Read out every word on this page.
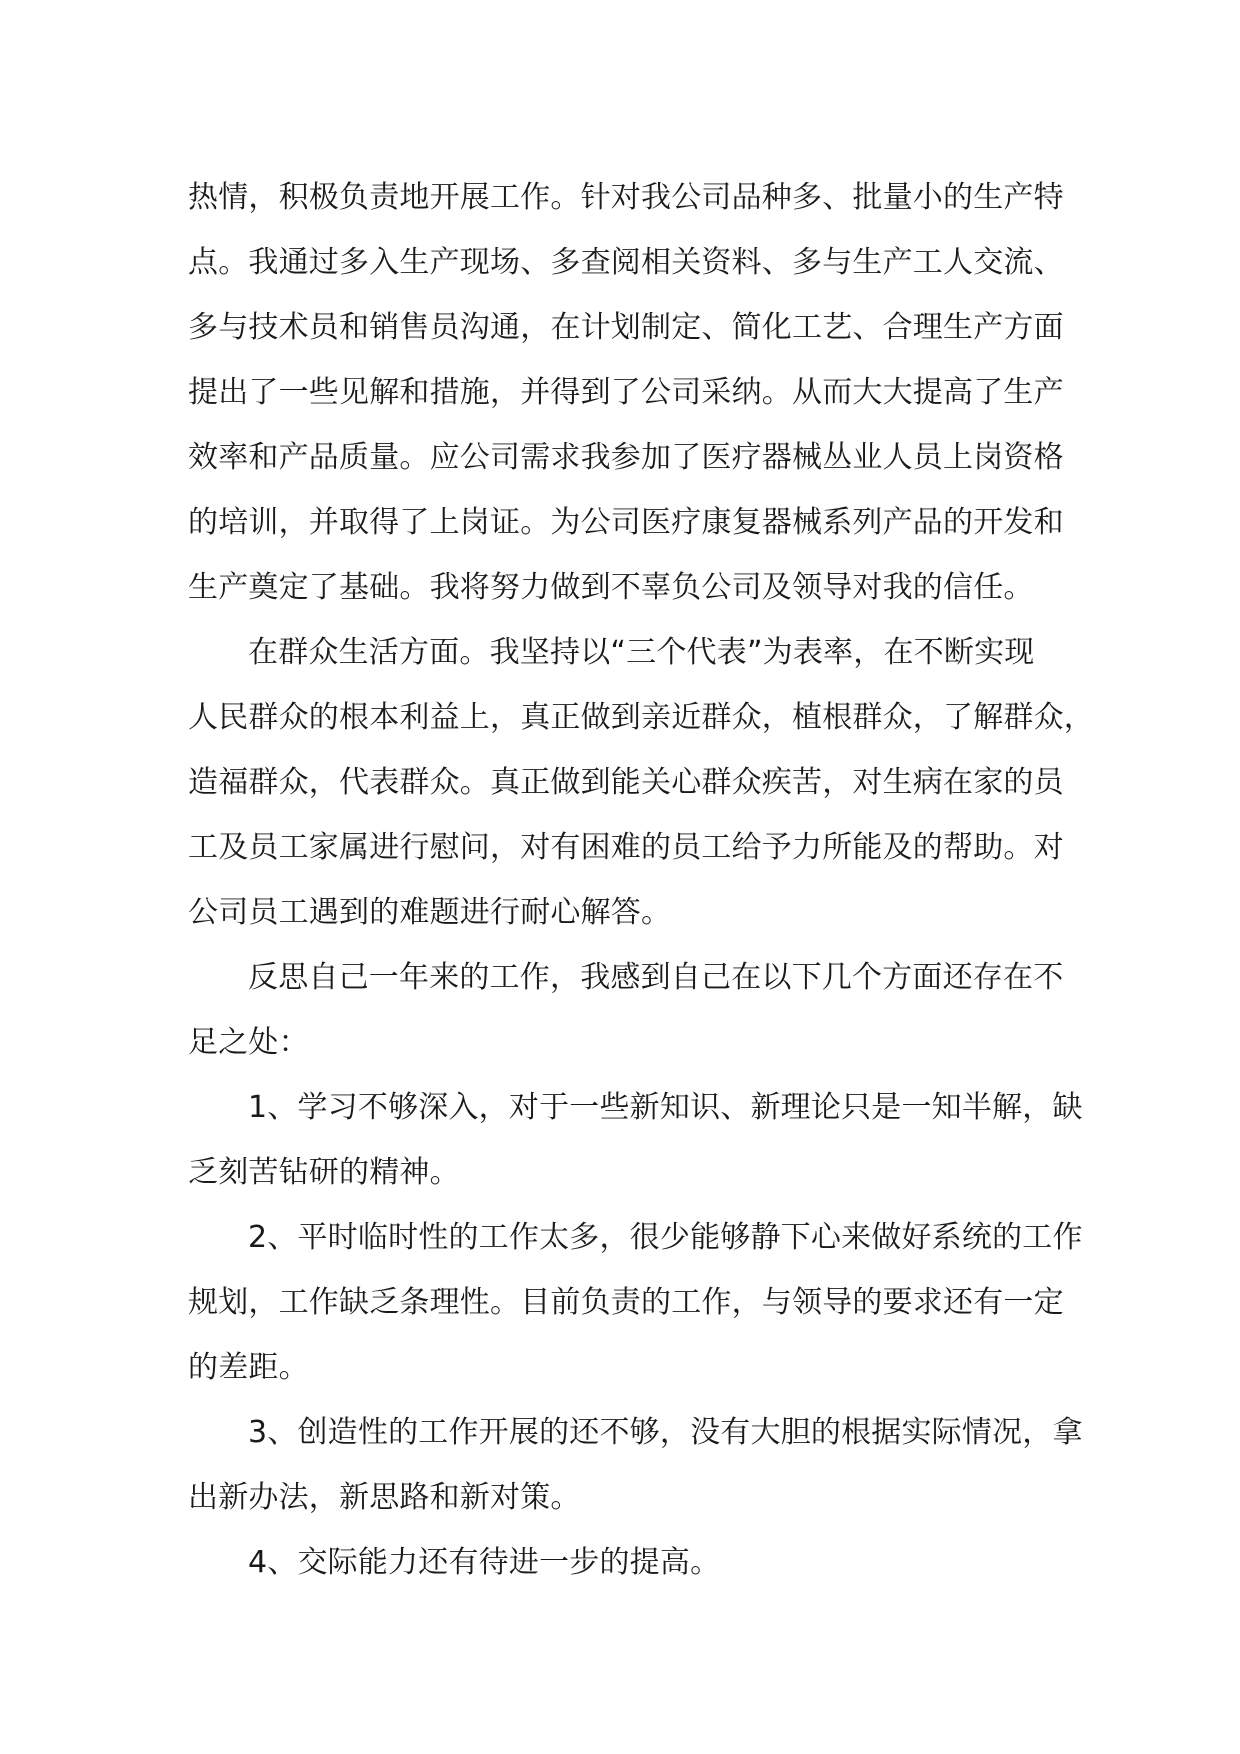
热情，积极负责地开展工作。针对我公司品种多、批量小的生产特
点。我通过多入生产现场、多查阅相关资料、多与生产工人交流、
多与技术员和销售员沟通，在计划制定、简化工艺、合理生产方面
提出了一些见解和措施，并得到了公司采纳。从而大大提高了生产
效率和产品质量。应公司需求我参加了医疗器械丛业人员上岗资格
的培训，并取得了上岗证。为公司医疗康复器械系列产品的开发和
生产奠定了基础。我将努力做到不辜负公司及领导对我的信任。
在群众生活方面。我坚持以“三个代表”为表率，在不断实现
人民群众的根本利益上，真正做到亲近群众，植根群众，了解群众，
造福群众，代表群众。真正做到能关心群众疾苦，对生病在家的员
工及员工家属进行慰问，对有困难的员工给予力所能及的帮助。对
公司员工遇到的难题进行耐心解答。
反思自己一年来的工作，我感到自己在以下几个方面还存在不
足之处：
1、学习不够深入，对于一些新知识、新理论只是一知半解，缺
乏刻苦钻研的精神。
2、平时临时性的工作太多，很少能够静下心来做好系统的工作
规划，工作缺乏条理性。目前负责的工作，与领导的要求还有一定
的差距。
3、创造性的工作开展的还不够，没有大胆的根据实际情况，拿
出新办法，新思路和新对策。
4、交际能力还有待进一步的提高。
